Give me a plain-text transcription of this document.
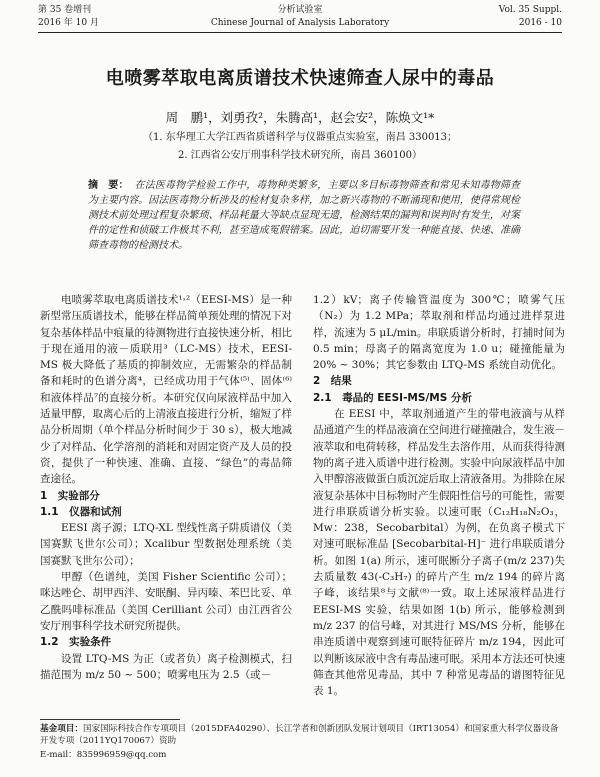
第 35 卷增刊
2016 年 10 月
分析试验室
Chinese Journal of Analysis Laboratory
Vol. 35 Suppl.
2016 - 10
电喷雾萃取电离质谱技术快速筛查人尿中的毒品
周　鹏¹，刘勇孜²，朱腾高¹，赵会安²，陈焕文¹*
（1. 东华理工大学江西省质谱科学与仪器重点实验室，南昌 330013；
2. 江西省公安厅刑事科学技术研究所，南昌 360100）
摘　要： 在法医毒物学检验工作中，毒物种类繁多，主要以多目标毒物筛查和常见未知毒物筛查为主要内容。因法医毒物分析涉及的检材复杂多样，加之新兴毒物的不断涌现和使用，使得常规检测技术前处理过程复杂繁琐、样品耗量大等缺点显现无遗，检测结果的漏判和误判时有发生，对案件的定性和侦破工作极其不利，甚至造成冤假错案。因此，迫切需要开发一种能直接、快速、准确筛查毒物的检测技术。

电喷雾萃取电离质谱技术¹˒²（EESI-MS）是一种新型常压质谱技术，能够在样品简单预处理的情况下对复杂基体样品中痕量的待测物进行直接快速分析，相比于现在通用的液－质联用³（LC-MS）技术，EESI-MS 极大降低了基质的抑制效应，无需繁杂的样品制备和耗时的色谱分离⁴，已经成功用于气体⁽⁵⁾、固体⁽⁶⁾和液体样品⁷的直接分析。本研究仅向尿液样品中加入适量甲醇，取离心后的上清液直接进行分析，缩短了样品分析周期（单个样品分析时间少于 30 s），极大地减少了对样品、化学溶剂的消耗和对固定资产及人员的投资，提供了一种快速、准确、直接、“绿色”的毒品筛查途径。

1　实验部分

1.1　仪器和试剂

EESI 离子源；LTQ-XL 型线性离子阱质谱仪（美国赛默飞世尔公司）；Xcalibur 型数据处理系统（美国赛默飞世尔公司）；

甲醇（色谱纯，美国 Fisher Scientific 公司）；咪达唑仑、胡甲西泮、安眠酮、异丙嗪、苯巴比妥、单乙酰吗啡标准品（美国 Cerilliant 公司）由江西省公安厅刑事科学技术研究所提供。

1.2　实验条件

设置 LTQ-MS 为正（或者负）离子检测模式，扫描范围为 m/z 50 ~ 500；喷雾电压为 2.5（或－

1.2）kV；离子传输管温度为 300℃；喷雾气压（N₂）为 1.2 MPa；萃取剂和样品均通过进样泵进样，流速为 5 μL/min。串联质谱分析时，打捕时间为 0.5 min；母离子的隔离宽度为 1.0 u；碰撞能量为 20% ~ 30%；其它参数由 LTQ-MS 系统自动优化。

2　结果

2.1　毒品的 EESI-MS/MS 分析

在 EESI 中，萃取剂通道产生的带电液滴与从样品通道产生的样品液滴在空间进行碰撞融合，发生液－液萃取和电荷转移，样品发生去溶作用，从而获得待测物的离子进入质谱中进行检测。实验中向尿液样品中加入甲醇溶液做蛋白质沉淀后取上清液备用。为排除在尿液复杂基体中目标物时产生假阳性信号的可能性，需要进行串联质谱分析实验。以速可眠（C₁₂H₁₈N₂O₃，Mw：238，Secobarbital）为例，在负离子模式下对速可眠标准品 [Secobarbital-H]⁻ 进行串联质谱分析。如图 1(a) 所示，速可眠断分子离子(m/z 237)失去质量数 43(-C₃H₇) 的碎片产生 m/z 194 的碎片离子峰，该结果⁸与文献⁽⁸⁾一致。取上述尿液样品进行 EESI-MS 实验，结果如图 1(b) 所示，能够检测到 m/z 237 的信号峰，对其进行 MS/MS 分析，能够在串连质谱中观察到速可眠特征碎片 m/z 194，因此可以判断该尿液中含有毒品速可眠。采用本方法还可快速筛查其他常见毒品，其中 7 种常见毒品的谱图特征见表 1。

基金项目：国家国际科技合作专项项目（2015DFA40290）、长江学者和创新团队发展计划项目（IRT13054）和国家重大科学仪器设备开发专项（2011YQ170067）资助
E-mail：835996959@qq.com
